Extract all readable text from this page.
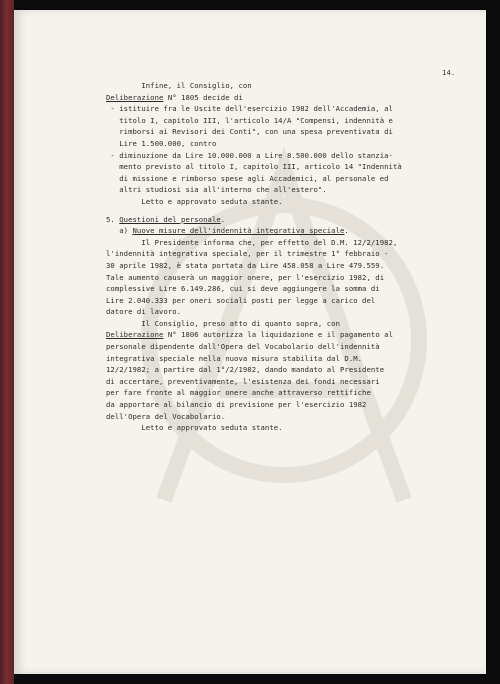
14.
Infine, il Consiglio, con
Deliberazione N° 1805 decide di
- istituire fra le Uscite dell'esercizio 1982 dell'Accademia, al
titolo I, capitolo III, l'articolo 14/A "Compensi, indennità e
rimborsi ai Revisori dei Conti", con una spesa preventivata di
Lire 1.500.000, contro
- diminuzione da Lire 10.000.000 a Lire 8.500.000 dello stanzia-
mento previsto al titolo I, capitolo III, articolo 14 "Indennità
di missione e rimborso spese agli Accademici, al personale ed
altri studiosi sia all'interno che all'estero".
Letto e approvato seduta stante.
5. Questioni del personale.
a) Nuove misure dell'indennità integrativa speciale.
Il Presidente informa che, per effetto del D.M. 12/2/1982,
l'indennità integrativa speciale, per il trimestre 1° febbraio -
30 aprile 1982, è stata portata da Lire 458.058 a Lire 479.559.
Tale aumento causerà un maggior onere, per l'esercizio 1982, di
complessive Lire 6.149.286, cui si deve aggiungere la somma di
Lire 2.040.333 per oneri sociali posti per legge a carico del
datore di lavoro.
Il Consiglio, preso atto di quanto sopra, con
Deliberazione N° 1806 autorizza la liquidazione e il pagamento al
personale dipendente dall'Opera del Vocabolario dell'indennità
integrativa speciale nella nuova misura stabilita dal D.M.
12/2/1982; a partire dal 1°/2/1982, dando mandato al Presidente
di accertare, preventivamente, l'esistenza dei fondi necessari
per fare fronte al maggior onere anche attraverso rettifiche
da apportare al bilancio di previsione per l'esercizio 1982
dell'Opera del Vocabolario.
Letto e approvato seduta stante.
